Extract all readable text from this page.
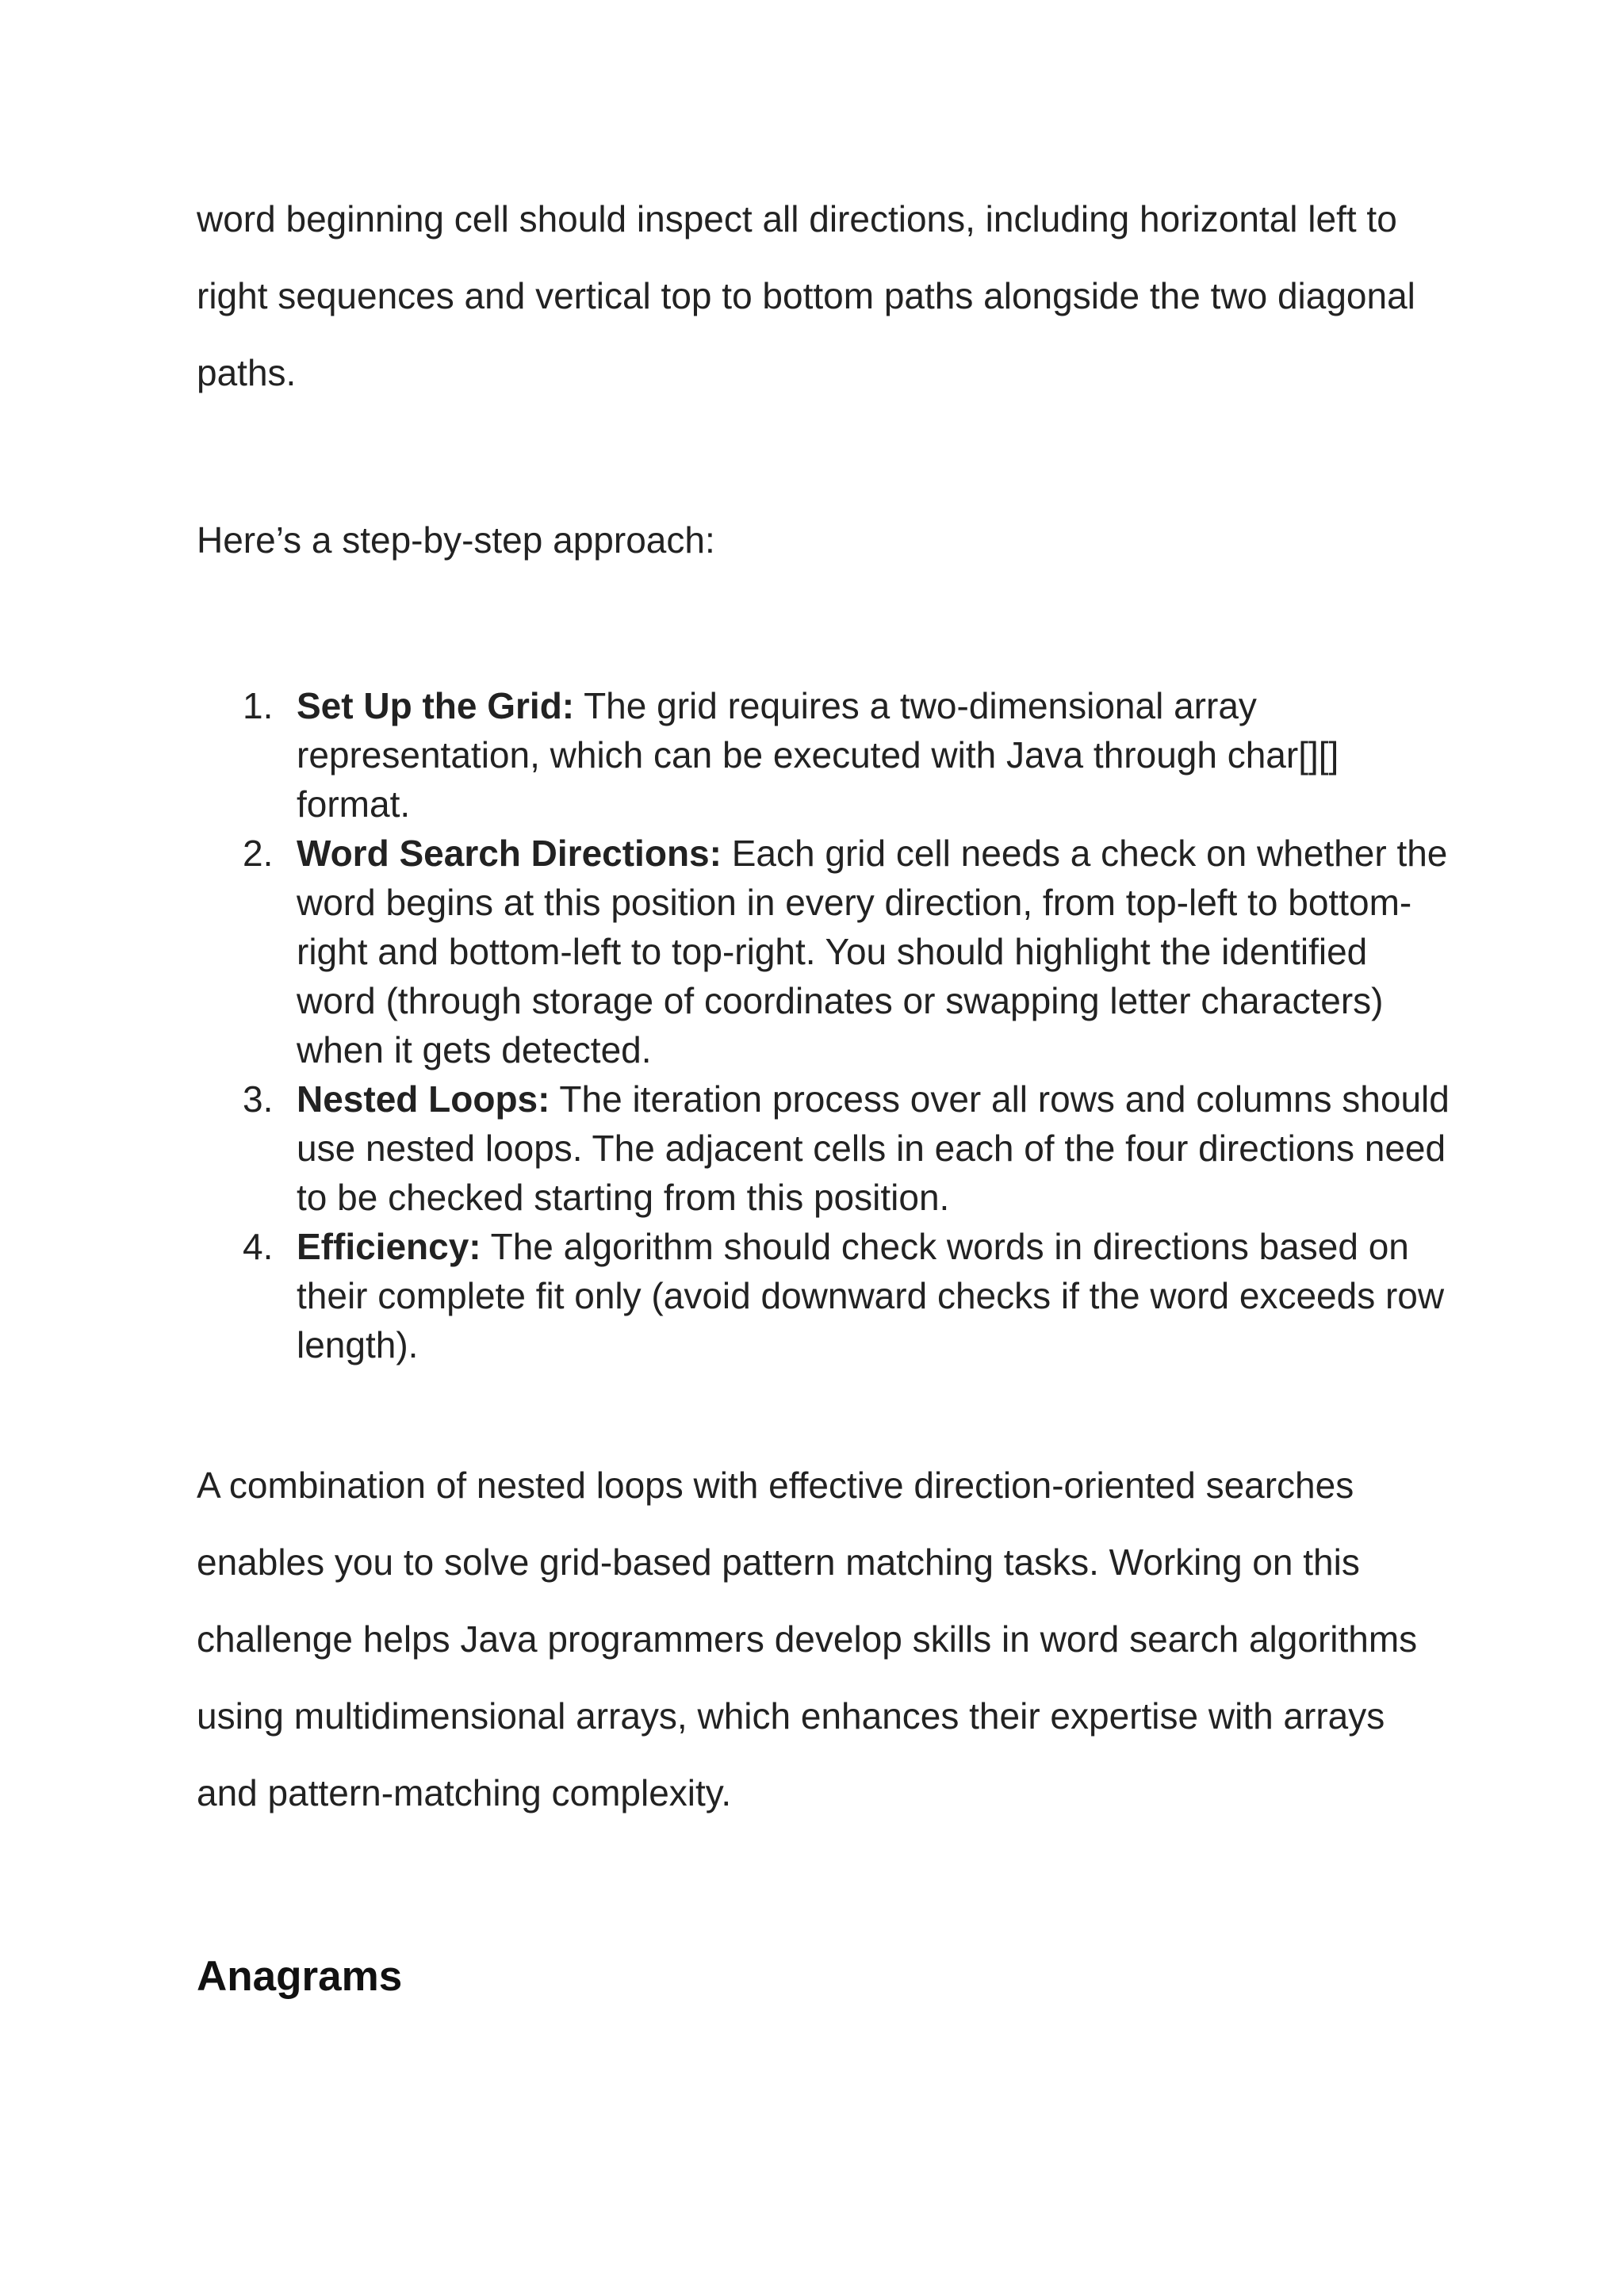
word beginning cell should inspect all directions, including horizontal left to right sequences and vertical top to bottom paths alongside the two diagonal paths.

Here’s a step-by-step approach:

1. Set Up the Grid: The grid requires a two-dimensional array representation, which can be executed with Java through char[][] format.
2. Word Search Directions: Each grid cell needs a check on whether the word begins at this position in every direction, from top-left to bottom-right and bottom-left to top-right. You should highlight the identified word (through storage of coordinates or swapping letter characters) when it gets detected.
3. Nested Loops: The iteration process over all rows and columns should use nested loops. The adjacent cells in each of the four directions need to be checked starting from this position.
4. Efficiency: The algorithm should check words in directions based on their complete fit only (avoid downward checks if the word exceeds row length).

A combination of nested loops with effective direction-oriented searches enables you to solve grid-based pattern matching tasks. Working on this challenge helps Java programmers develop skills in word search algorithms using multidimensional arrays, which enhances their expertise with arrays and pattern-matching complexity.

Anagrams
